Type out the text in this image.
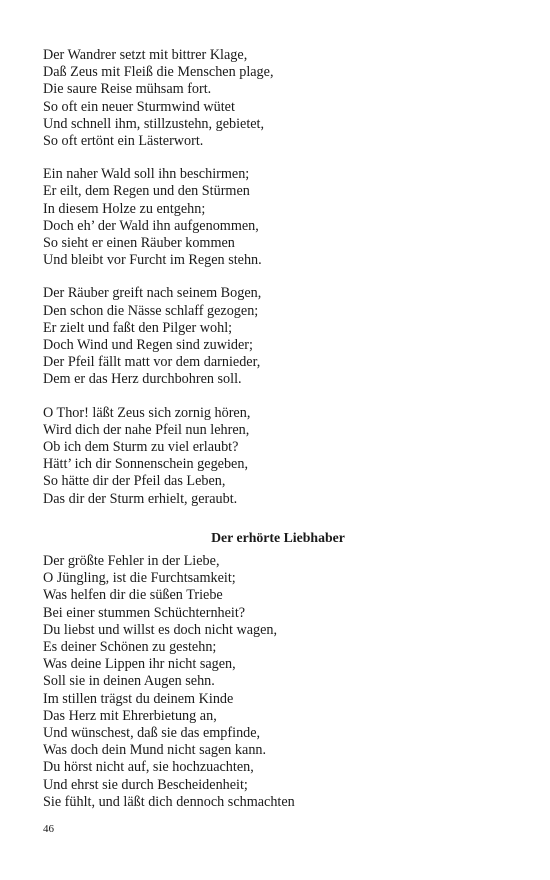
Der Wandrer setzt mit bittrer Klage,
Daß Zeus mit Fleiß die Menschen plage,
Die saure Reise mühsam fort.
So oft ein neuer Sturmwind wütet
Und schnell ihm, stillzustehn, gebietet,
So oft ertönt ein Lästerwort.
Ein naher Wald soll ihn beschirmen;
Er eilt, dem Regen und den Stürmen
In diesem Holze zu entgehn;
Doch eh’ der Wald ihn aufgenommen,
So sieht er einen Räuber kommen
Und bleibt vor Furcht im Regen stehn.
Der Räuber greift nach seinem Bogen,
Den schon die Nässe schlaff gezogen;
Er zielt und faßt den Pilger wohl;
Doch Wind und Regen sind zuwider;
Der Pfeil fällt matt vor dem darnieder,
Dem er das Herz durchbohren soll.
O Thor! läßt Zeus sich zornig hören,
Wird dich der nahe Pfeil nun lehren,
Ob ich dem Sturm zu viel erlaubt?
Hätt’ ich dir Sonnenschein gegeben,
So hätte dir der Pfeil das Leben,
Das dir der Sturm erhielt, geraubt.
Der erhörte Liebhaber
Der größte Fehler in der Liebe,
O Jüngling, ist die Furchtsamkeit;
Was helfen dir die süßen Triebe
Bei einer stummen Schüchternheit?
Du liebst und willst es doch nicht wagen,
Es deiner Schönen zu gestehn;
Was deine Lippen ihr nicht sagen,
Soll sie in deinen Augen sehn.
Im stillen trägst du deinem Kinde
Das Herz mit Ehrerbietung an,
Und wünschest, daß sie das empfinde,
Was doch dein Mund nicht sagen kann.
Du hörst nicht auf, sie hochzuachten,
Und ehrst sie durch Bescheidenheit;
Sie fühlt, und läßt dich dennoch schmachten
46
